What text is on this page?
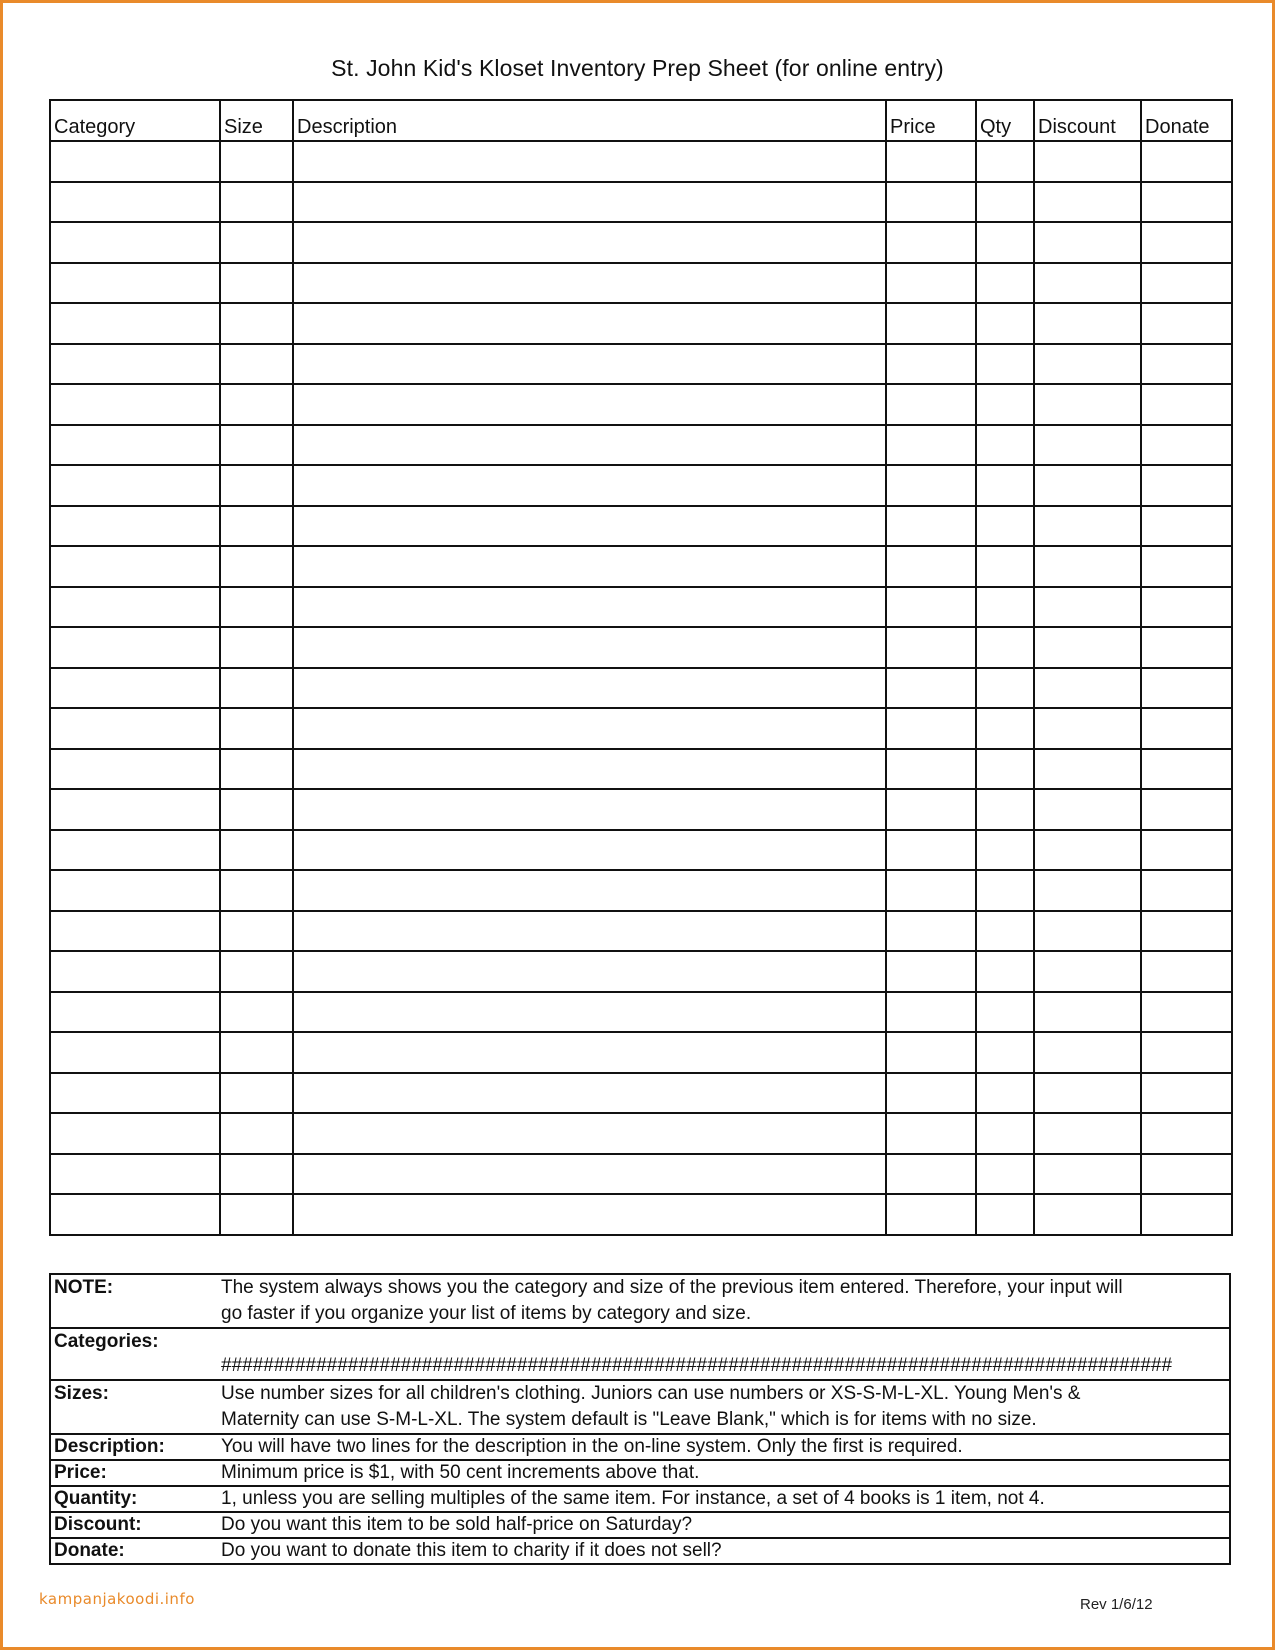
St. John Kid's Kloset Inventory Prep Sheet (for online entry)
Category	Size	Description	Price	Qty	Discount	Donate

NOTE:	The system always shows you the category and size of the previous item entered. Therefore, your input will
go faster if you organize your list of items by category and size.

Categories:	##########################################################################################

Sizes:	Use number sizes for all children's clothing. Juniors can use numbers or XS-S-M-L-XL. Young Men's &
Maternity can use S-M-L-XL. The system default is "Leave Blank," which is for items with no size.

Description:	You will have two lines for the description in the on-line system. Only the first is required.
Price:	Minimum price is $1, with 50 cent increments above that.
Quantity:	1, unless you are selling multiples of the same item. For instance, a set of 4 books is 1 item, not 4.
Discount:	Do you want this item to be sold half-price on Saturday?
Donate:	Do you want to donate this item to charity if it does not sell?
kampanjakoodi.info	Rev 1/6/12
